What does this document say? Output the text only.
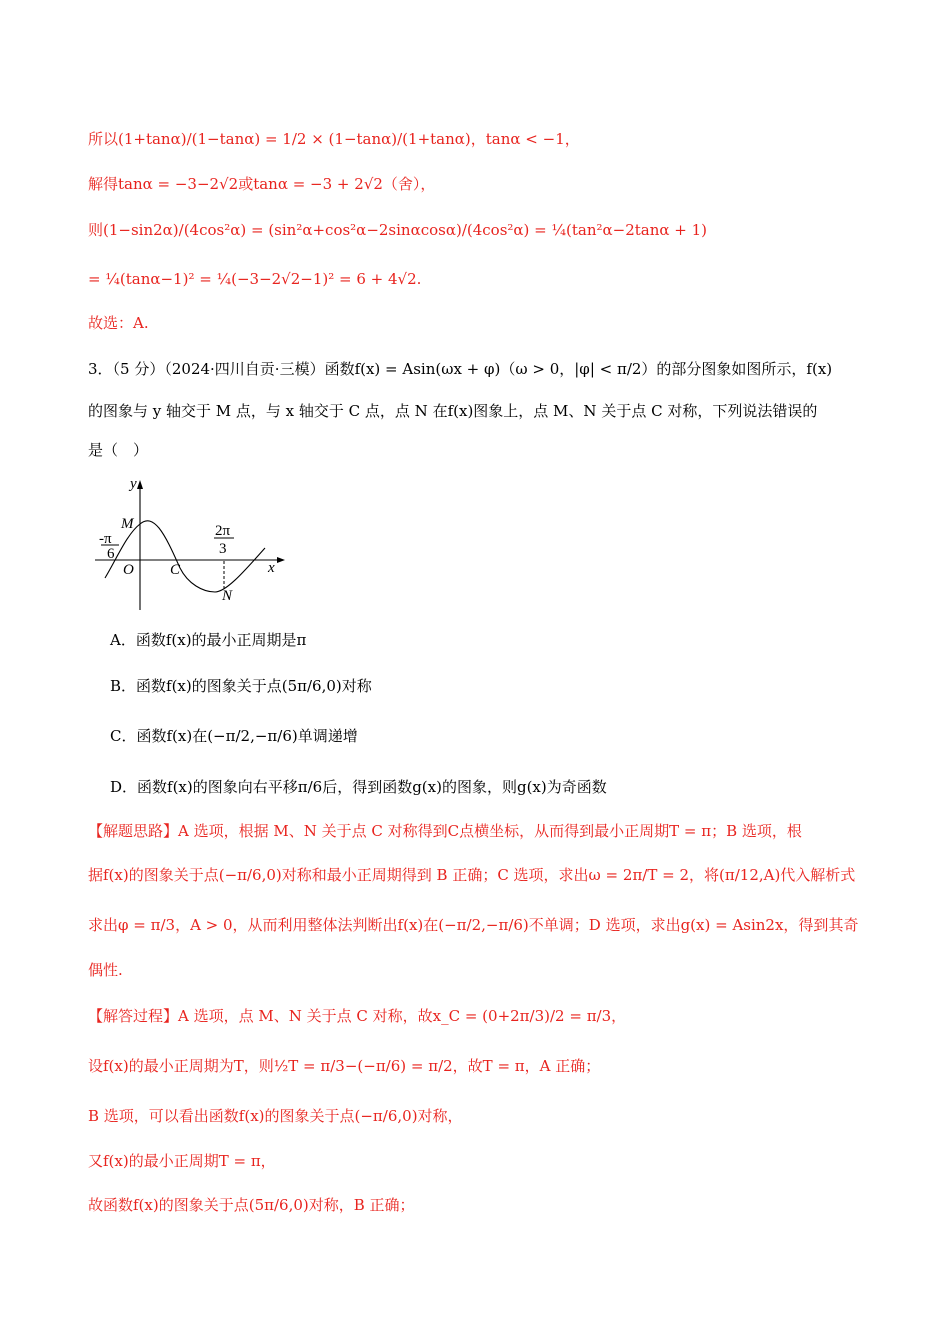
所以(1+tanα)/(1−tanα) = 1/2 × (1−tanα)/(1+tanα)，tanα < −1，
解得tanα = −3−2√2或tanα = −3 + 2√2（舍），
则(1−sin2α)/(4cos²α) = (sin²α+cos²α−2sinαcosα)/(4cos²α) = ¼(tan²α−2tanα + 1)
= ¼(tanα−1)² = ¼(−3−2√2−1)² = 6 + 4√2.
故选：A.
3．（5 分）（2024·四川自贡·三模）函数f(x) = Asin(ωx + φ)（ω > 0，|φ| < π/2）的部分图象如图所示，f(x)
的图象与 y 轴交于 M 点，与 x 轴交于 C 点，点 N 在f(x)图象上，点 M、N 关于点 C 对称，下列说法错误的
是（　）
y
x
O
M
C
N
-π
6
2π
3
A．函数f(x)的最小正周期是π
B．函数f(x)的图象关于点(5π/6,0)对称
C．函数f(x)在(−π/2,−π/6)单调递增
D．函数f(x)的图象向右平移π/6后，得到函数g(x)的图象，则g(x)为奇函数
【解题思路】A 选项，根据 M、N 关于点 C 对称得到C点横坐标，从而得到最小正周期T = π；B 选项，根
据f(x)的图象关于点(−π/6,0)对称和最小正周期得到 B 正确；C 选项，求出ω = 2π/T = 2，将(π/12,A)代入解析式
求出φ = π/3，A > 0，从而利用整体法判断出f(x)在(−π/2,−π/6)不单调；D 选项，求出g(x) = Asin2x，得到其奇
偶性.
【解答过程】A 选项，点 M、N 关于点 C 对称，故x_C = (0+2π/3)/2 = π/3，
设f(x)的最小正周期为T，则½T = π/3−(−π/6) = π/2，故T = π，A 正确；
B 选项，可以看出函数f(x)的图象关于点(−π/6,0)对称，
又f(x)的最小正周期T = π，
故函数f(x)的图象关于点(5π/6,0)对称，B 正确；
